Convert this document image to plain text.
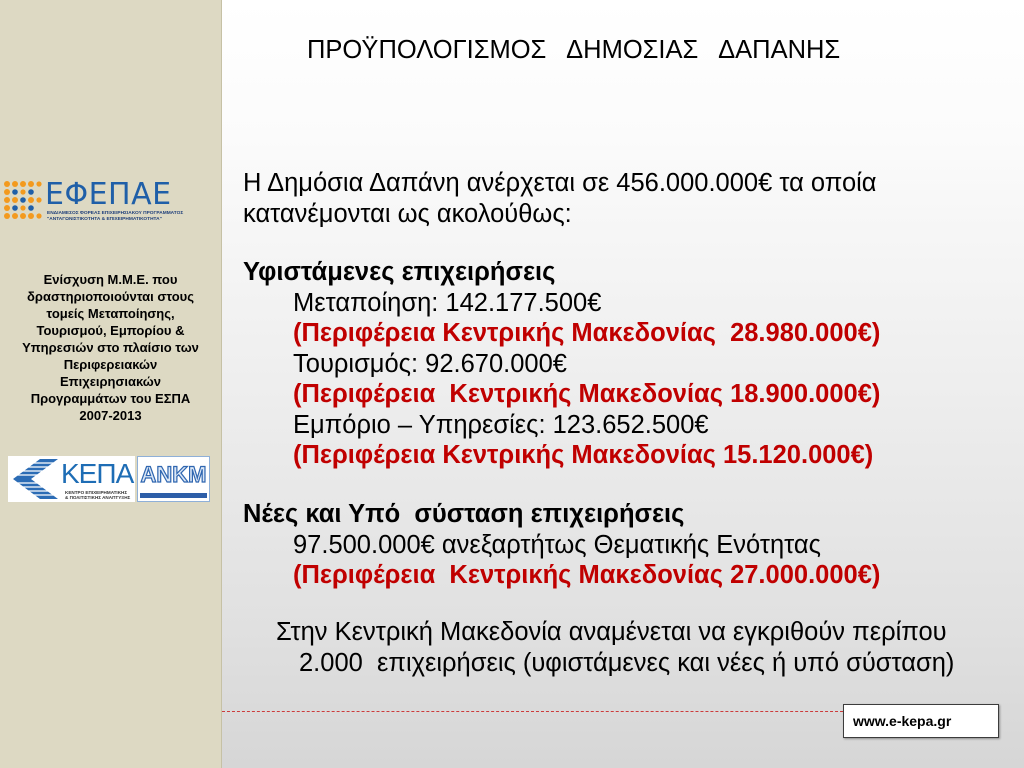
ΕΦΕΠΑΕ
ΕΝΔΙΑΜΕΣΟΣ ΦΟΡΕΑΣ ΕΠΙΧΕΙΡΗΣΙΑΚΟΥ ΠΡΟΓΡΑΜΜΑΤΟΣ
"ΑΝΤΑΓΩΝΙΣΤΙΚΟΤΗΤΑ & ΕΠΙΧΕΙΡΗΜΑΤΙΚΟΤΗΤΑ"
Ενίσχυση Μ.Μ.Ε. που
δραστηριοποιούνται στους
τομείς Μεταποίησης,
Τουρισμού, Εμπορίου &
Υπηρεσιών στο πλαίσιο των
Περιφερειακών
Επιχειρησιακών
Προγραμμάτων του ΕΣΠΑ
2007-2013
ΚΕΠΑ
ΚΕΝΤΡΟ ΕΠΙΧΕΙΡΗΜΑΤΙΚΗΣ
& ΠΟΛΙΤΙΣΤΙΚΗΣ ΑΝΑΠΤΥΞΗΣ
ΑΝΚΜ
ΠΡΟΫΠΟΛΟΓΙΣΜΟΣ   ΔΗΜΟΣΙΑΣ   ΔΑΠΑΝΗΣ
Η Δημόσια Δαπάνη ανέρχεται σε 456.000.000€ τα οποία
κατανέμονται ως ακολούθως:
Υφιστάμενες επιχειρήσεις
Μεταποίηση: 142.177.500€
(Περιφέρεια Κεντρικής Μακεδονίας  28.980.000€)
Τουρισμός: 92.670.000€
(Περιφέρεια  Κεντρικής Μακεδονίας 18.900.000€)
Εμπόριο – Υπηρεσίες: 123.652.500€
(Περιφέρεια Κεντρικής Μακεδονίας 15.120.000€)
Νέες και Υπό  σύσταση επιχειρήσεις
97.500.000€ ανεξαρτήτως Θεματικής Ενότητας
(Περιφέρεια  Κεντρικής Μακεδονίας 27.000.000€)
Στην Κεντρική Μακεδονία αναμένεται να εγκριθούν περίπου
2.000  επιχειρήσεις (υφιστάμενες και νέες ή υπό σύσταση)
www.e-kepa.gr
